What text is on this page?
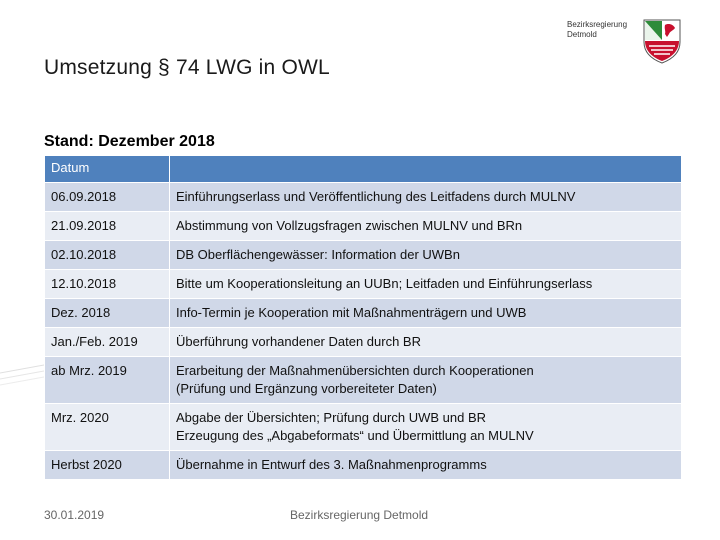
Bezirksregierung
Detmold
Umsetzung § 74 LWG in OWL
Stand: Dezember 2018
Datum	
06.09.2018	Einführungserlass und Veröffentlichung des Leitfadens durch MULNV

21.09.2018	Abstimmung von Vollzugsfragen zwischen MULNV und BRn

02.10.2018	DB Oberflächengewässer: Information der UWBn

12.10.2018	Bitte um Kooperationsleitung an UUBn; Leitfaden und Einführungserlass

Dez. 2018	Info-Termin je Kooperation mit Maßnahmenträgern und UWB

Jan./Feb. 2019	Überführung vorhandener Daten durch BR

ab Mrz. 2019	Erarbeitung der Maßnahmenübersichten durch Kooperationen
(Prüfung und Ergänzung vorbereiteter Daten)

Mrz. 2020	Abgabe der Übersichten; Prüfung durch UWB und BR
Erzeugung des „Abgabeformats“ und Übermittlung an MULNV

Herbst 2020	Übernahme in Entwurf des 3. Maßnahmenprogramms
30.01.2019	Bezirksregierung Detmold
